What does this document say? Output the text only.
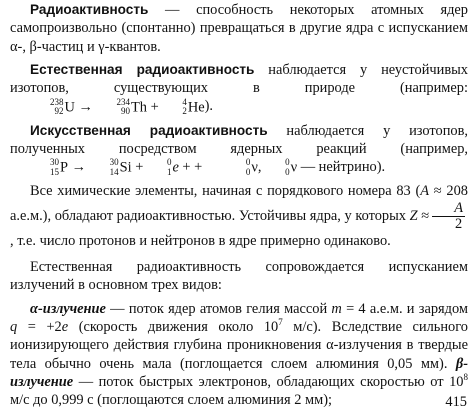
Радиоактивность — способность некоторых атомных ядер самопроизвольно (спонтанно) превращаться в другие ядра с испусканием α-, β-частиц и γ-квантов.

Естественная радиоактивность наблюдается у неустойчивых изотопов, существующих в природе (например:
238
92 U →	234
90 Th +	4
2 He).

Искусственная радиоактивность наблюдается у изотопов, полученных посредством ядерных реакций (например,
30
15 P →	30
14 Si +	0
1 e + +	0
0 ν,	0
0 ν — нейтрино).

Все химические элементы, начиная с порядкового номера 83 (A ≈ 208 а.е.м.), обладают радиоактивностью. Устойчивы ядра, у которых $Z \approx \frac{A}{2}$
, т.е. число протонов и нейтронов в ядре примерно одинаково.

Естественная радиоактивность сопровождается испусканием излучений в основном трех видов:

α-излучение — поток ядер атомов гелия массой m = 4 а.е.м. и зарядом q = +2e (скорость движения около $10^7$ м/с). Вследствие сильного ионизирующего действия глубина проникновения α-излучения в твердые тела обычно очень мала (поглощается слоем алюминия 0,05 мм). β-излучение — поток быстрых электронов, обладающих скоростью от $10^8$ м/с до 0,999 c (поглощаются слоем алюминия 2 мм);	415
